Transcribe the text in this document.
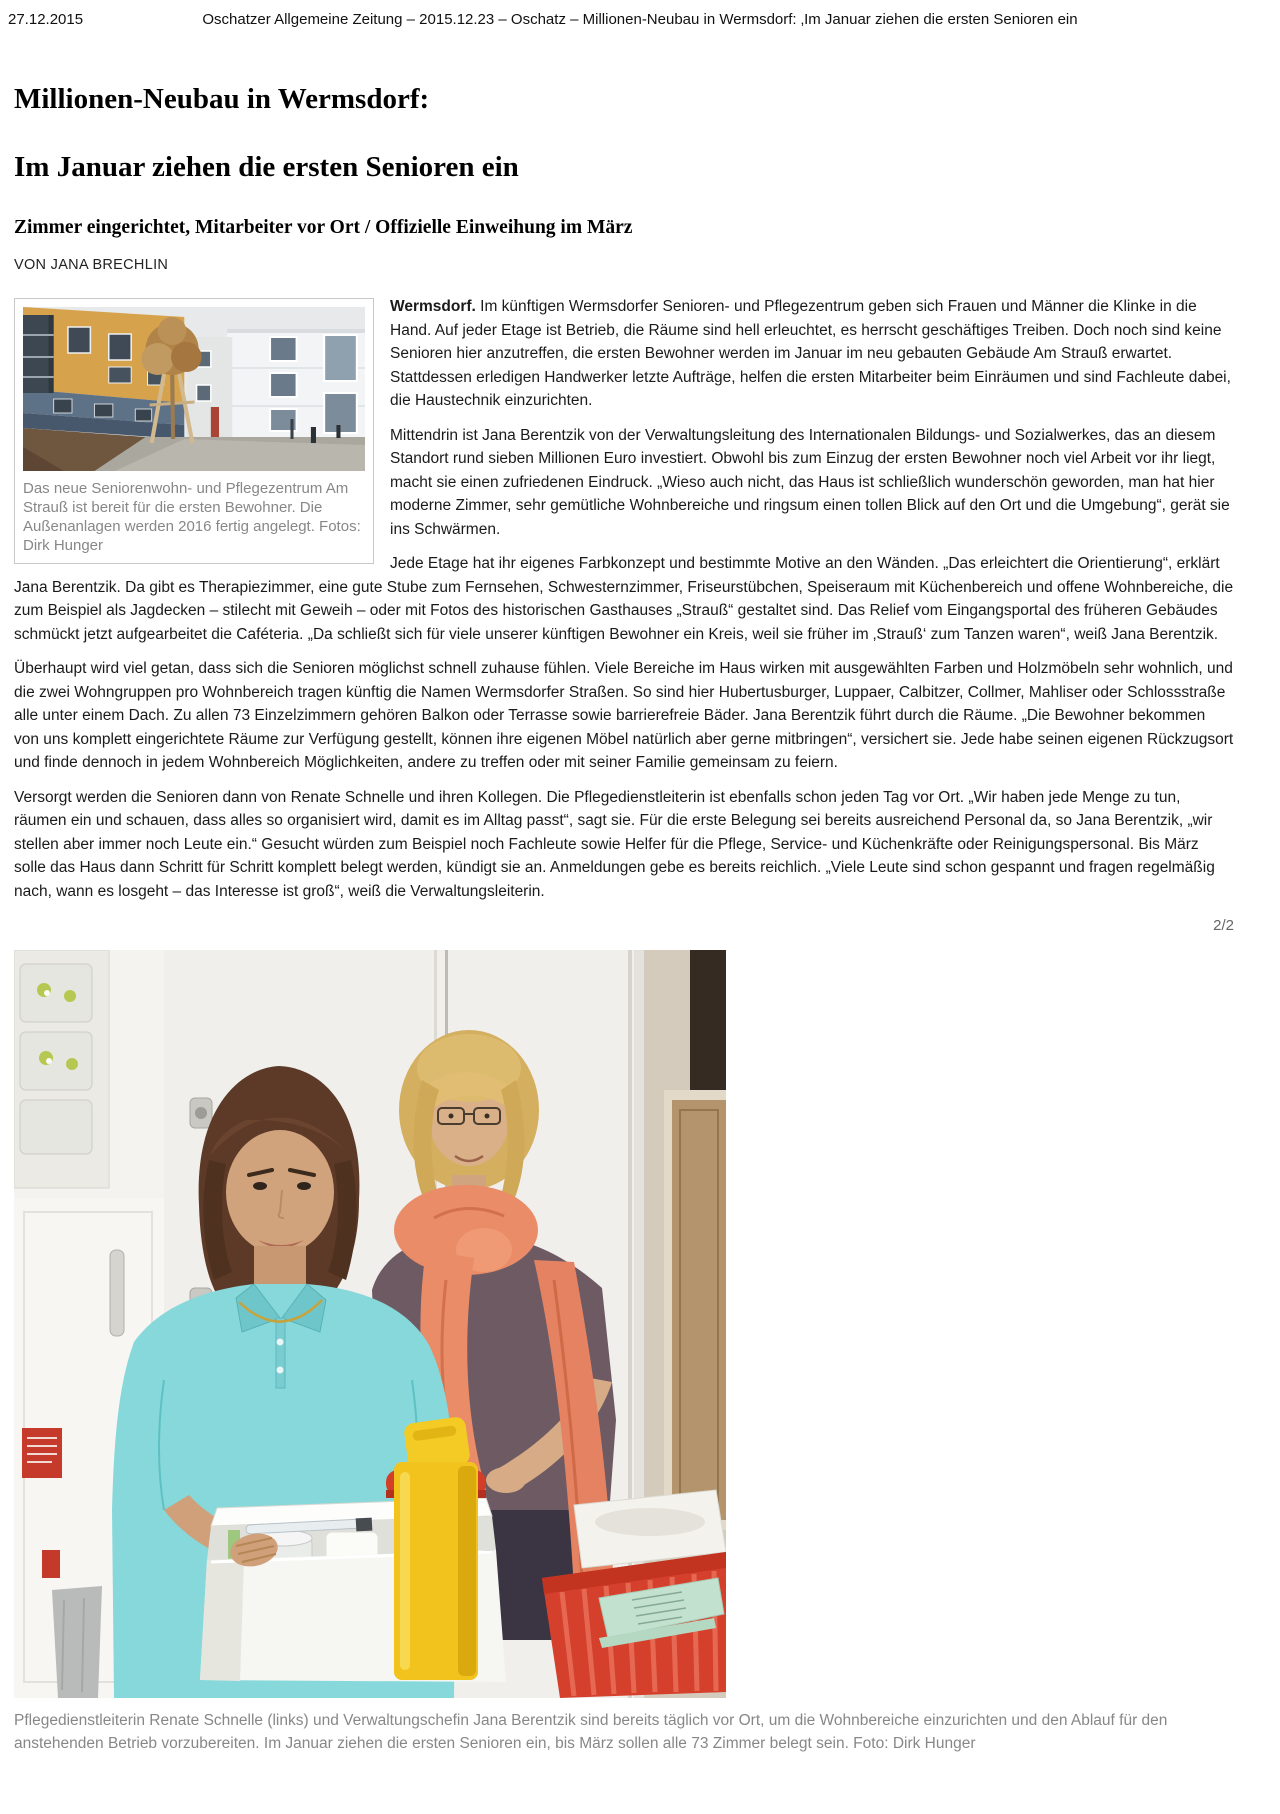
27.12.2015	Oschatzer Allgemeine Zeitung – 2015.12.23 – Oschatz – Millionen-Neubau in Wermsdorf: ‚Im Januar ziehen die ersten Senioren ein
Millionen-Neubau in Wermsdorf:
Im Januar ziehen die ersten Senioren ein
Zimmer eingerichtet, Mitarbeiter vor Ort / Offizielle Einweihung im März
VON JANA BRECHLIN
Das neue Seniorenwohn- und Pflegezentrum Am Strauß ist bereit für die ersten Bewohner. Die Außenanlagen werden 2016 fertig angelegt. Fotos: Dirk Hunger

Wermsdorf. Im künftigen Wermsdorfer Senioren- und Pflegezentrum geben sich Frauen und Männer die Klinke in die Hand. Auf jeder Etage ist Betrieb, die Räume sind hell erleuchtet, es herrscht geschäftiges Treiben. Doch noch sind keine Senioren hier anzutreffen, die ersten Bewohner werden im Januar im neu gebauten Gebäude Am Strauß erwartet. Stattdessen erledigen Handwerker letzte Aufträge, helfen die ersten Mitarbeiter beim Einräumen und sind Fachleute dabei, die Haustechnik einzurichten.

Mittendrin ist Jana Berentzik von der Verwaltungsleitung des Internationalen Bildungs- und Sozialwerkes, das an diesem Standort rund sieben Millionen Euro investiert. Obwohl bis zum Einzug der ersten Bewohner noch viel Arbeit vor ihr liegt, macht sie einen zufriedenen Eindruck. „Wieso auch nicht, das Haus ist schließlich wunderschön geworden, man hat hier moderne Zimmer, sehr gemütliche Wohnbereiche und ringsum einen tollen Blick auf den Ort und die Umgebung“, gerät sie ins Schwärmen.

Jede Etage hat ihr eigenes Farbkonzept und bestimmte Motive an den Wänden. „Das erleichtert die Orientierung“, erklärt Jana Berentzik. Da gibt es Therapiezimmer, eine gute Stube zum Fernsehen, Schwesternzimmer, Friseurstübchen, Speiseraum mit Küchenbereich und offene Wohnbereiche, die zum Beispiel als Jagdecken – stilecht mit Geweih – oder mit Fotos des historischen Gasthauses „Strauß“ gestaltet sind. Das Relief vom Eingangsportal des früheren Gebäudes schmückt jetzt aufgearbeitet die Caféteria. „Da schließt sich für viele unserer künftigen Bewohner ein Kreis, weil sie früher im ‚Strauß‘ zum Tanzen waren“, weiß Jana Berentzik.

Überhaupt wird viel getan, dass sich die Senioren möglichst schnell zuhause fühlen. Viele Bereiche im Haus wirken mit ausgewählten Farben und Holzmöbeln sehr wohnlich, und die zwei Wohngruppen pro Wohnbereich tragen künftig die Namen Wermsdorfer Straßen. So sind hier Hubertusburger, Luppaer, Calbitzer, Collmer, Mahliser oder Schlossstraße alle unter einem Dach. Zu allen 73 Einzelzimmern gehören Balkon oder Terrasse sowie barrierefreie Bäder. Jana Berentzik führt durch die Räume. „Die Bewohner bekommen von uns komplett eingerichtete Räume zur Verfügung gestellt, können ihre eigenen Möbel natürlich aber gerne mitbringen“, versichert sie. Jede habe seinen eigenen Rückzugsort und finde dennoch in jedem Wohnbereich Möglichkeiten, andere zu treffen oder mit seiner Familie gemeinsam zu feiern.

Versorgt werden die Senioren dann von Renate Schnelle und ihren Kollegen. Die Pflegedienstleiterin ist ebenfalls schon jeden Tag vor Ort. „Wir haben jede Menge zu tun, räumen ein und schauen, dass alles so organisiert wird, damit es im Alltag passt“, sagt sie. Für die erste Belegung sei bereits ausreichend Personal da, so Jana Berentzik, „wir stellen aber immer noch Leute ein.“ Gesucht würden zum Beispiel noch Fachleute sowie Helfer für die Pflege, Service- und Küchenkräfte oder Reinigungspersonal. Bis März solle das Haus dann Schritt für Schritt komplett belegt werden, kündigt sie an. Anmeldungen gebe es bereits reichlich. „Viele Leute sind schon gespannt und fragen regelmäßig nach, wann es losgeht – das Interesse ist groß“, weiß die Verwaltungsleiterin.

2/2
Pflegedienstleiterin Renate Schnelle (links) und Verwaltungschefin Jana Berentzik sind bereits täglich vor Ort, um die Wohnbereiche einzurichten und den Ablauf für den anstehenden Betrieb vorzubereiten. Im Januar ziehen die ersten Senioren ein, bis März sollen alle 73 Zimmer belegt sein. Foto: Dirk Hunger
